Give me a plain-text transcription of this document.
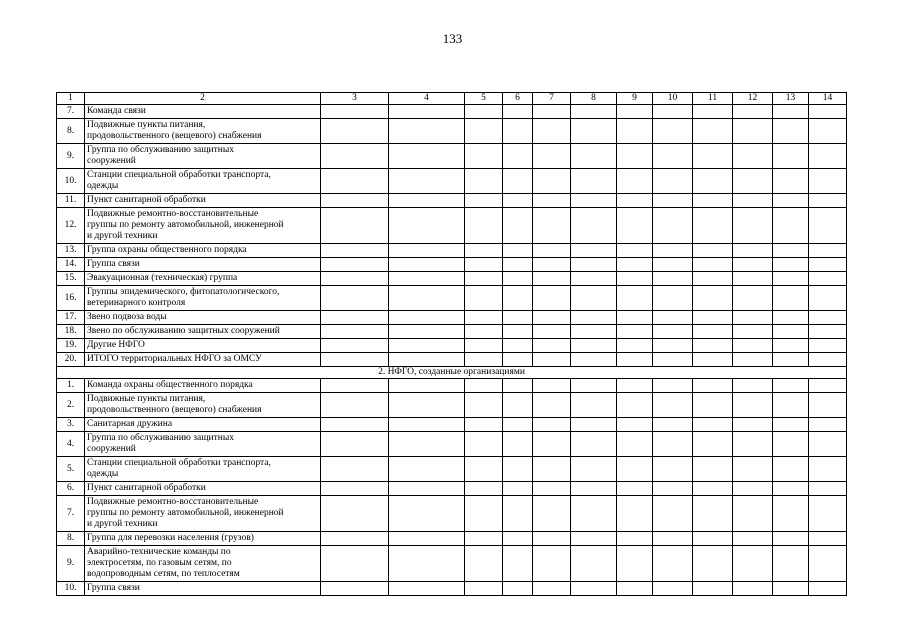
133
1	2	3	4	5	6	7	8	9	10	11	12	13	14
7.	Команда связи												

8.	Подвижные пункты питания,
продовольственного (вещевого) снабжения												

9.	Группа по обслуживанию защитных
сооружений												

10.	Станции специальной обработки транспорта,
одежды												

11.	Пункт санитарной обработки												

12.	Подвижные ремонтно-восстановительные
группы по ремонту автомобильной, инженерной
и другой техники												

13.	Группа охраны общественного порядка												

14.	Группа связи												

15.	Эвакуационная (техническая) группа												

16.	Группы эпидемического, фитопатологического,
ветеринарного контроля												

17.	Звено подвоза воды												

18.	Звено по обслуживанию защитных сооружений												

19.	Другие НФГО												

20.	ИТОГО территориальных НФГО за ОМСУ												

2. НФГО, созданные организациями													
1.	Команда охраны общественного порядка												

2.	Подвижные пункты питания,
продовольственного (вещевого) снабжения												

3.	Санитарная дружина												

4.	Группа по обслуживанию защитных
сооружений												

5.	Станции специальной обработки транспорта,
одежды												

6.	Пункт санитарной обработки												

7.	Подвижные ремонтно-восстановительные
группы по ремонту автомобильной, инженерной
и другой техники												

8.	Группа для перевозки населения (грузов)												

9.	Аварийно-технические команды по
электросетям, по газовым сетям, по
водопроводным сетям, по теплосетям												

10.	Группа связи												
